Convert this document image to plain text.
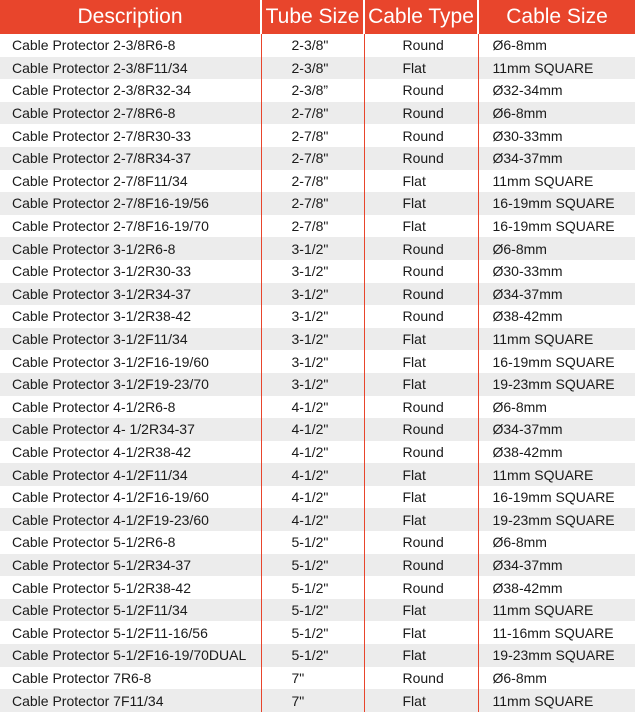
Description	Tube Size	Cable Type	Cable Size
Cable Protector 2-3/8R6-8	2-3/8"	Round	Ø6-8mm
Cable Protector 2-3/8F11/34	2-3/8"	Flat	11mm SQUARE
Cable Protector 2-3/8R32-34	2-3/8”	Round	Ø32-34mm
Cable Protector 2-7/8R6-8	2-7/8"	Round	Ø6-8mm
Cable Protector 2-7/8R30-33	2-7/8"	Round	Ø30-33mm
Cable Protector 2-7/8R34-37	2-7/8"	Round	Ø34-37mm
Cable Protector 2-7/8F11/34	2-7/8"	Flat	11mm SQUARE
Cable Protector 2-7/8F16-19/56	2-7/8"	Flat	16-19mm SQUARE
Cable Protector 2-7/8F16-19/70	2-7/8"	Flat	16-19mm SQUARE
Cable Protector 3-1/2R6-8	3-1/2"	Round	Ø6-8mm
Cable Protector 3-1/2R30-33	3-1/2"	Round	Ø30-33mm
Cable Protector 3-1/2R34-37	3-1/2"	Round	Ø34-37mm
Cable Protector 3-1/2R38-42	3-1/2"	Round	Ø38-42mm
Cable Protector 3-1/2F11/34	3-1/2"	Flat	11mm SQUARE
Cable Protector 3-1/2F16-19/60	3-1/2"	Flat	16-19mm SQUARE
Cable Protector 3-1/2F19-23/70	3-1/2"	Flat	19-23mm SQUARE
Cable Protector 4-1/2R6-8	4-1/2"	Round	Ø6-8mm
Cable Protector 4- 1/2R34-37	4-1/2"	Round	Ø34-37mm
Cable Protector 4-1/2R38-42	4-1/2"	Round	Ø38-42mm
Cable Protector 4-1/2F11/34	4-1/2"	Flat	11mm SQUARE
Cable Protector 4-1/2F16-19/60	4-1/2"	Flat	16-19mm SQUARE
Cable Protector 4-1/2F19-23/60	4-1/2"	Flat	19-23mm SQUARE
Cable Protector 5-1/2R6-8	5-1/2"	Round	Ø6-8mm
Cable Protector 5-1/2R34-37	5-1/2"	Round	Ø34-37mm
Cable Protector 5-1/2R38-42	5-1/2"	Round	Ø38-42mm
Cable Protector 5-1/2F11/34	5-1/2"	Flat	11mm SQUARE
Cable Protector 5-1/2F11-16/56	5-1/2"	Flat	11-16mm SQUARE
Cable Protector 5-1/2F16-19/70DUAL	5-1/2"	Flat	19-23mm SQUARE
Cable Protector 7R6-8	7"	Round	Ø6-8mm
Cable Protector 7F11/34	7"	Flat	11mm SQUARE
